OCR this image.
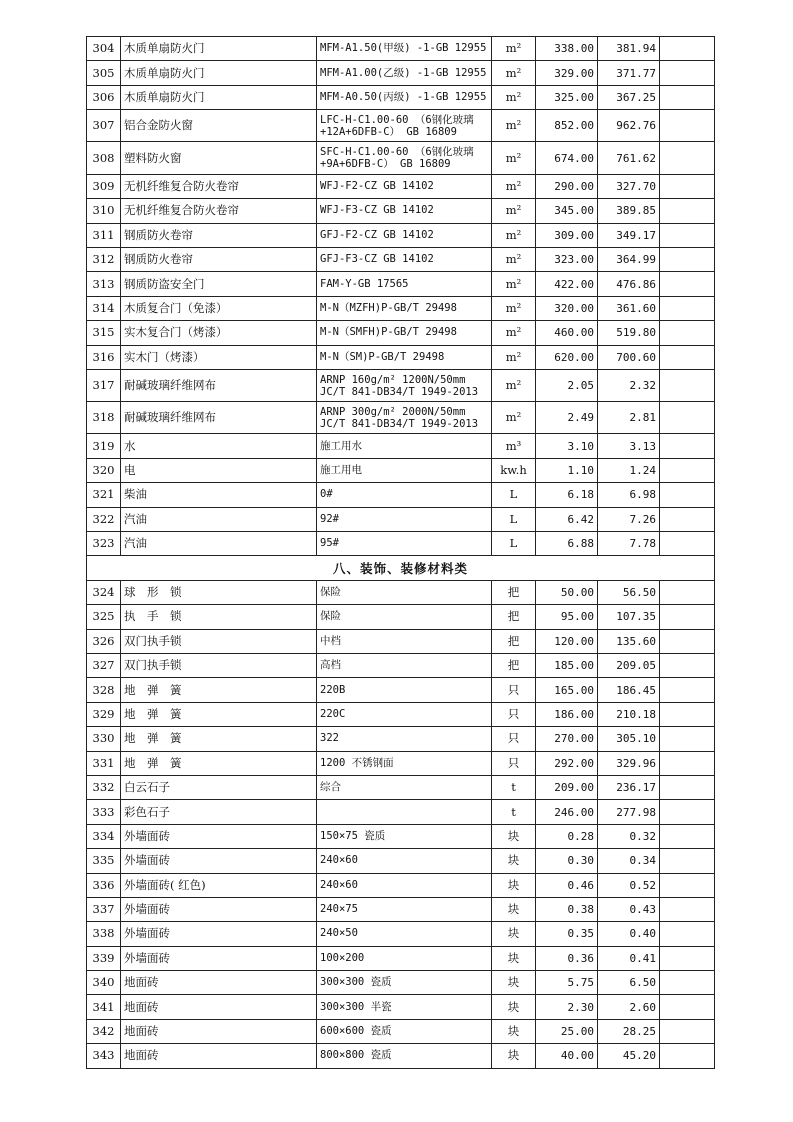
304	木质单扇防火门	MFM-A1.50(甲级) -1-GB 12955	m²	338.00	381.94	
305	木质单扇防火门	MFM-A1.00(乙级) -1-GB 12955	m²	329.00	371.77	
306	木质单扇防火门	MFM-A0.50(丙级) -1-GB 12955	m²	325.00	367.25	
307	铝合金防火窗	LFC-H-C1.00-60 （6钢化玻璃+12A+6DFB-C） GB 16809	m²	852.00	962.76	
308	塑料防火窗	SFC-H-C1.00-60 （6钢化玻璃+9A+6DFB-C） GB 16809	m²	674.00	761.62	
309	无机纤维复合防火卷帘	WFJ-F2-CZ GB 14102	m²	290.00	327.70	
310	无机纤维复合防火卷帘	WFJ-F3-CZ GB 14102	m²	345.00	389.85	
311	钢质防火卷帘	GFJ-F2-CZ GB 14102	m²	309.00	349.17	
312	钢质防火卷帘	GFJ-F3-CZ GB 14102	m²	323.00	364.99	
313	钢质防盗安全门	FAM-Y-GB 17565	m²	422.00	476.86	
314	木质复合门（免漆）	M-N（MZFH)P-GB/T 29498	m²	320.00	361.60	
315	实木复合门（烤漆）	M-N（SMFH)P-GB/T 29498	m²	460.00	519.80	
316	实木门（烤漆）	M-N（SM)P-GB/T 29498	m²	620.00	700.60	
317	耐碱玻璃纤维网布	ARNP 160g/m² 1200N/50mm JC/T 841-DB34/T 1949-2013	m²	2.05	2.32	
318	耐碱玻璃纤维网布	ARNP 300g/m² 2000N/50mm JC/T 841-DB34/T 1949-2013	m²	2.49	2.81	
319	水	施工用水	m³	3.10	3.13	
320	电	施工用电	kw.h	1.10	1.24	
321	柴油	0#	L	6.18	6.98	
322	汽油	92#	L	6.42	7.26	
323	汽油	95#	L	6.88	7.78	
八、装饰、装修材料类						
324	球　形　锁	保险	把	50.00	56.50	
325	执　手　锁	保险	把	95.00	107.35	
326	双门执手锁	中档	把	120.00	135.60	
327	双门执手锁	高档	把	185.00	209.05	
328	地　弹　簧	220B	只	165.00	186.45	
329	地　弹　簧	220C	只	186.00	210.18	
330	地　弹　簧	322	只	270.00	305.10	
331	地　弹　簧	1200 不锈钢面	只	292.00	329.96	
332	白云石子	综合	t	209.00	236.17	
333	彩色石子		t	246.00	277.98	
334	外墙面砖	150×75 瓷质	块	0.28	0.32	
335	外墙面砖	240×60	块	0.30	0.34	
336	外墙面砖( 红色)	240×60	块	0.46	0.52	
337	外墙面砖	240×75	块	0.38	0.43	
338	外墙面砖	240×50	块	0.35	0.40	
339	外墙面砖	100×200	块	0.36	0.41	
340	地面砖	300×300 瓷质	块	5.75	6.50	
341	地面砖	300×300 半瓷	块	2.30	2.60	
342	地面砖	600×600 瓷质	块	25.00	28.25	
343	地面砖	800×800 瓷质	块	40.00	45.20	
